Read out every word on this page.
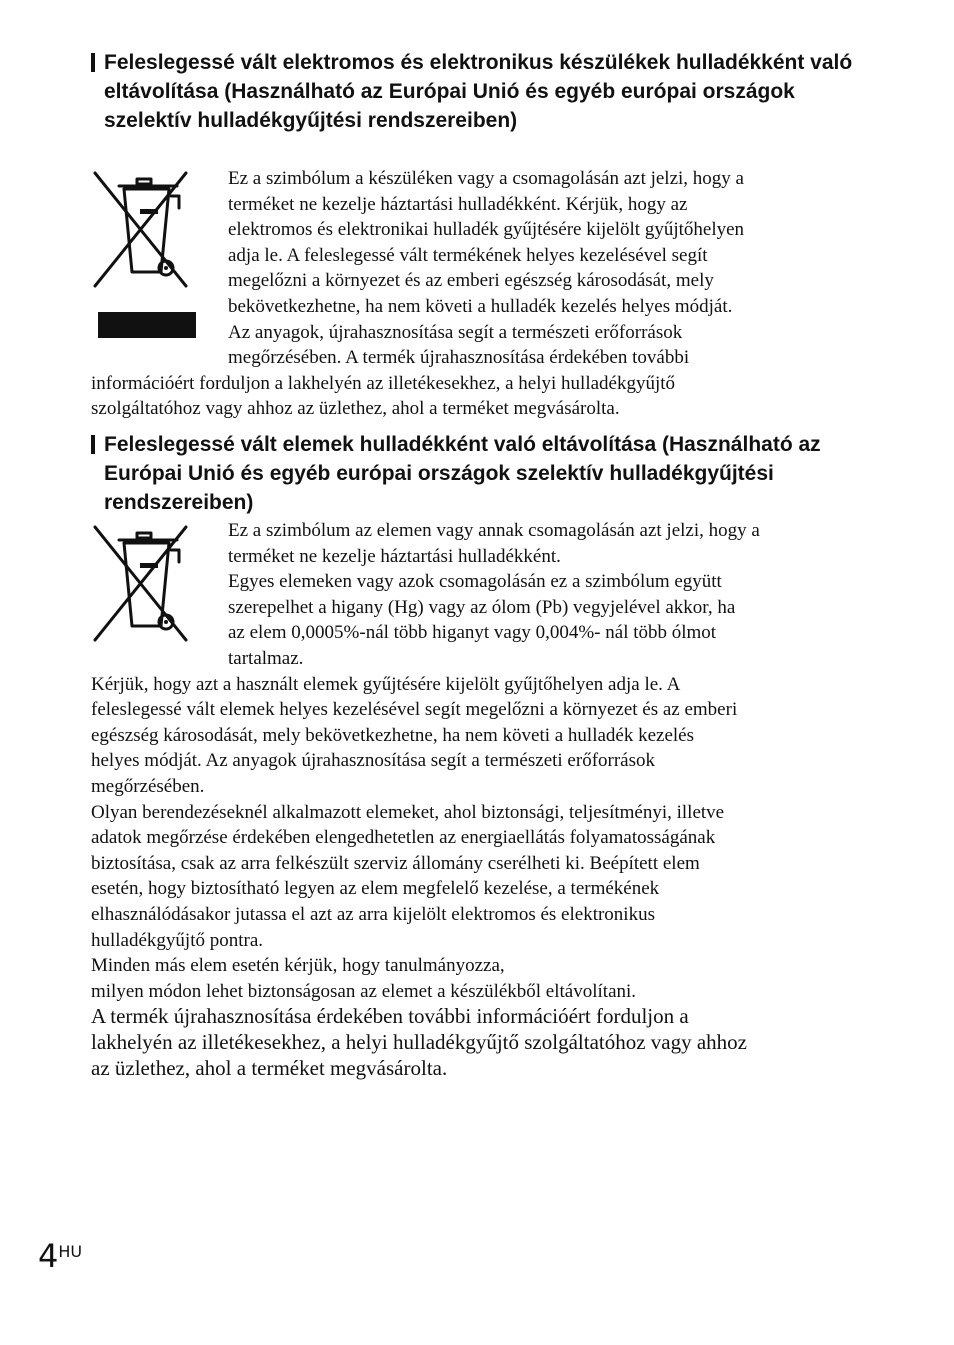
Feleslegessé vált elektromos és elektronikus készülékek hulladékként való eltávolítása (Használható az Európai Unió és egyéb európai országok szelektív hulladékgyűjtési rendszereiben)

Ez a szimbólum a készüléken vagy a csomagolásán azt jelzi, hogy a

terméket ne kezelje háztartási hulladékként. Kérjük, hogy az

elektromos és elektronikai hulladék gyűjtésére kijelölt gyűjtőhelyen

adja le. A feleslegessé vált termékének helyes kezelésével segít

megelőzni a környezet és az emberi egészség károsodását, mely

bekövetkezhetne, ha nem követi a hulladék kezelés helyes módját.

Az anyagok, újrahasznosítása segít a természeti erőforrások

megőrzésében. A termék újrahasznosítása érdekében további

információért forduljon a lakhelyén az illetékesekhez, a helyi hulladékgyűjtő

szolgáltatóhoz vagy ahhoz az üzlethez, ahol a terméket megvásárolta.

Feleslegessé vált elemek hulladékként való eltávolítása (Használható az Európai Unió és egyéb európai országok szelektív hulladékgyűjtési rendszereiben)

Ez a szimbólum az elemen vagy annak csomagolásán azt jelzi, hogy a

terméket ne kezelje háztartási hulladékként.

Egyes elemeken vagy azok csomagolásán ez a szimbólum együtt

szerepelhet a higany (Hg) vagy az ólom (Pb) vegyjelével akkor, ha

az elem 0,0005%-nál több higanyt vagy 0,004%- nál több ólmot

tartalmaz.

Kérjük, hogy azt a használt elemek gyűjtésére kijelölt gyűjtőhelyen adja le. A

feleslegessé vált elemek helyes kezelésével segít megelőzni a környezet és az emberi

egészség károsodását, mely bekövetkezhetne, ha nem követi a hulladék kezelés

helyes módját. Az anyagok újrahasznosítása segít a természeti erőforrások

megőrzésében.

Olyan berendezéseknél alkalmazott elemeket, ahol biztonsági, teljesítményi, illetve

adatok megőrzése érdekében elengedhetetlen az energiaellátás folyamatosságának

biztosítása, csak az arra felkészült szerviz állomány cserélheti ki. Beépített elem

esetén, hogy biztosítható legyen az elem megfelelő kezelése, a termékének

elhasználódásakor jutassa el azt az arra kijelölt elektromos és elektronikus

hulladékgyűjtő pontra.

Minden más elem esetén kérjük, hogy tanulmányozza,

milyen módon lehet biztonságosan az elemet a készülékből eltávolítani.

A termék újrahasznosítása érdekében további információért forduljon a

lakhelyén az illetékesekhez, a helyi hulladékgyűjtő szolgáltatóhoz vagy ahhoz

az üzlethez, ahol a terméket megvásárolta.

4HU
